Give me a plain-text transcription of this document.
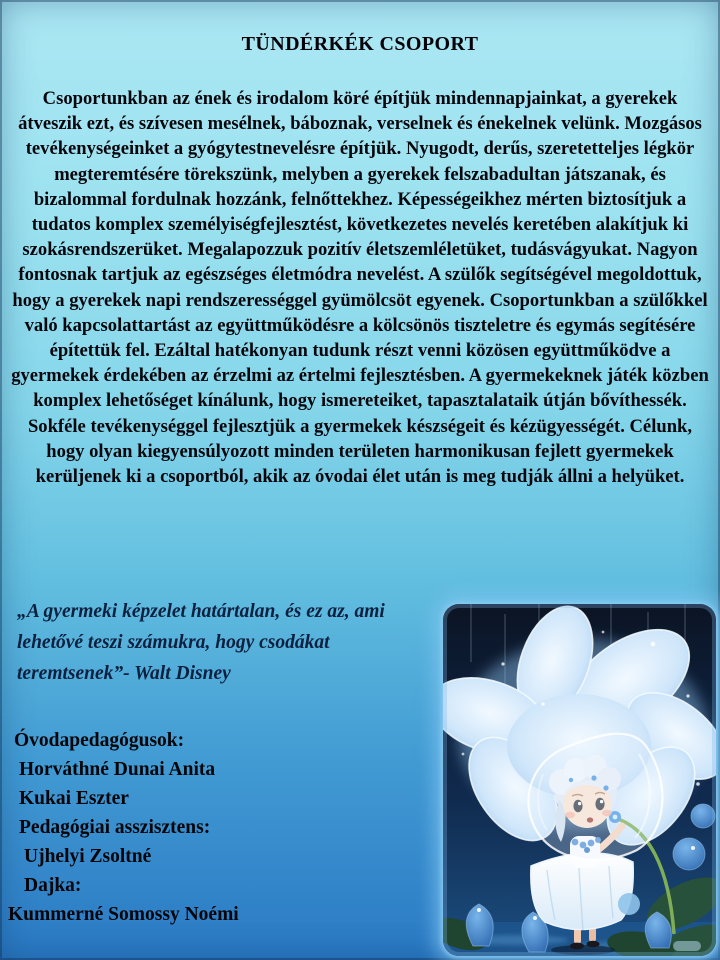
TÜNDÉRKÉK CSOPORT

Csoportunkban az ének és irodalom köré építjük mindennapjainkat, a gyerekek átveszik ezt, és szívesen mesélnek, báboznak, verselnek és énekelnek velünk. Mozgásos tevékenységeinket a gyógytestnevelésre építjük. Nyugodt, derűs, szeretetteljes légkör megteremtésére törekszünk, melyben a gyerekek felszabadultan játszanak, és bizalommal fordulnak hozzánk, felnőttekhez. Képességeikhez mérten biztosítjuk a tudatos komplex személyiségfejlesztést, következetes nevelés keretében alakítjuk ki szokásrendszerüket. Megalapozzuk pozitív életszemléletüket, tudásvágyukat. Nagyon fontosnak tartjuk az egészséges életmódra nevelést. A szülők segítségével megoldottuk, hogy a gyerekek napi rendszerességgel gyümölcsöt egyenek. Csoportunkban a szülőkkel való kapcsolattartást az együttműködésre a kölcsönös tiszteletre és egymás segítésére építettük fel. Ezáltal hatékonyan tudunk részt venni közösen együttműködve a gyermekek érdekében az érzelmi az értelmi fejlesztésben. A gyermekeknek játék közben komplex lehetőséget kínálunk, hogy ismereteiket, tapasztalataik útján bővíthessék. Sokféle tevékenységgel fejlesztjük a gyermekek készségeit és kézügyességét. Célunk, hogy olyan kiegyensúlyozott minden területen harmonikusan fejlett gyermekek kerüljenek ki a csoportból, akik az óvodai élet után is meg tudják állni a helyüket.

„A gyermeki képzelet határtalan, és ez az, ami
lehetővé teszi számukra, hogy csodákat
teremtsenek”- Walt Disney
Óvodapedagógusok:
Horváthné Dunai Anita
Kukai Eszter
Pedagógiai asszisztens:
Ujhelyi Zsoltné
Dajka:
Kummerné Somossy Noémi
